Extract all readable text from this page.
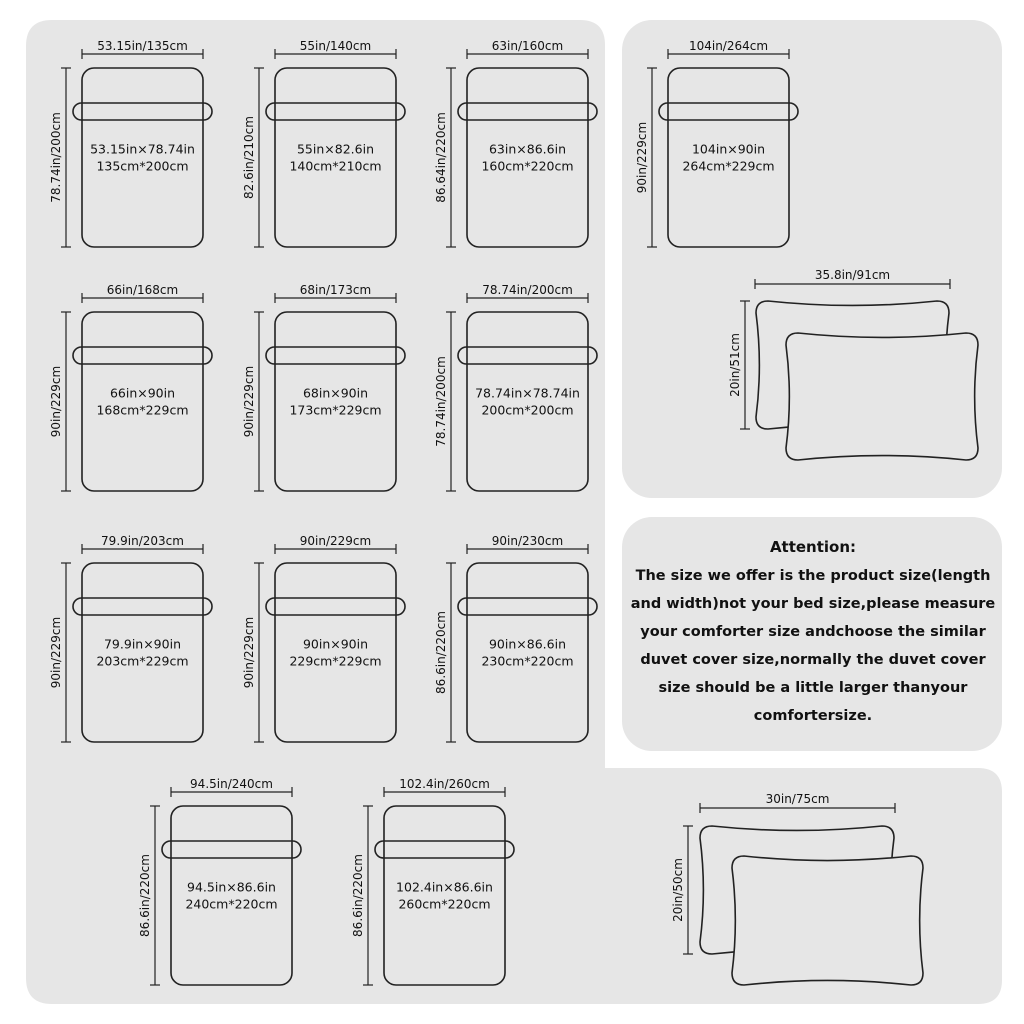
53.15in/135cm
78.74in/200cm 53.15in×78.74in
135cm*200cm
55in/140cm
82.6in/210cm	55in×82.6in
140cm*210cm
63in/160cm
86.64in/220cm	63in×86.6in
160cm*220cm
66in/168cm
90in/229cm	66in×90in
168cm*229cm
68in/173cm
90in/229cm	68in×90in
173cm*229cm
78.74in/200cm
78.74in/200cm 78.74in×78.74in
200cm*200cm
79.9in/203cm
90in/229cm	79.9in×90in
203cm*229cm
90in/229cm
90in/229cm	90in×90in
229cm*229cm
90in/230cm
86.6in/220cm	90in×86.6in
230cm*220cm
94.5in/240cm
86.6in/220cm	94.5in×86.6in
240cm*220cm
102.4in/260cm
86.6in/220cm 102.4in×86.6in
260cm*220cm
104in/264cm
90in/229cm	104in×90in
264cm*229cm
35.8in/91cm
20in/51cm
30in/75cm
20in/50cm
Attention:
The size we offer is the product size(length
and width)not your bed size,please measure
your comforter size andchoose the similar
duvet cover size,normally the duvet cover
size should be a little larger thanyour
comfortersize.
